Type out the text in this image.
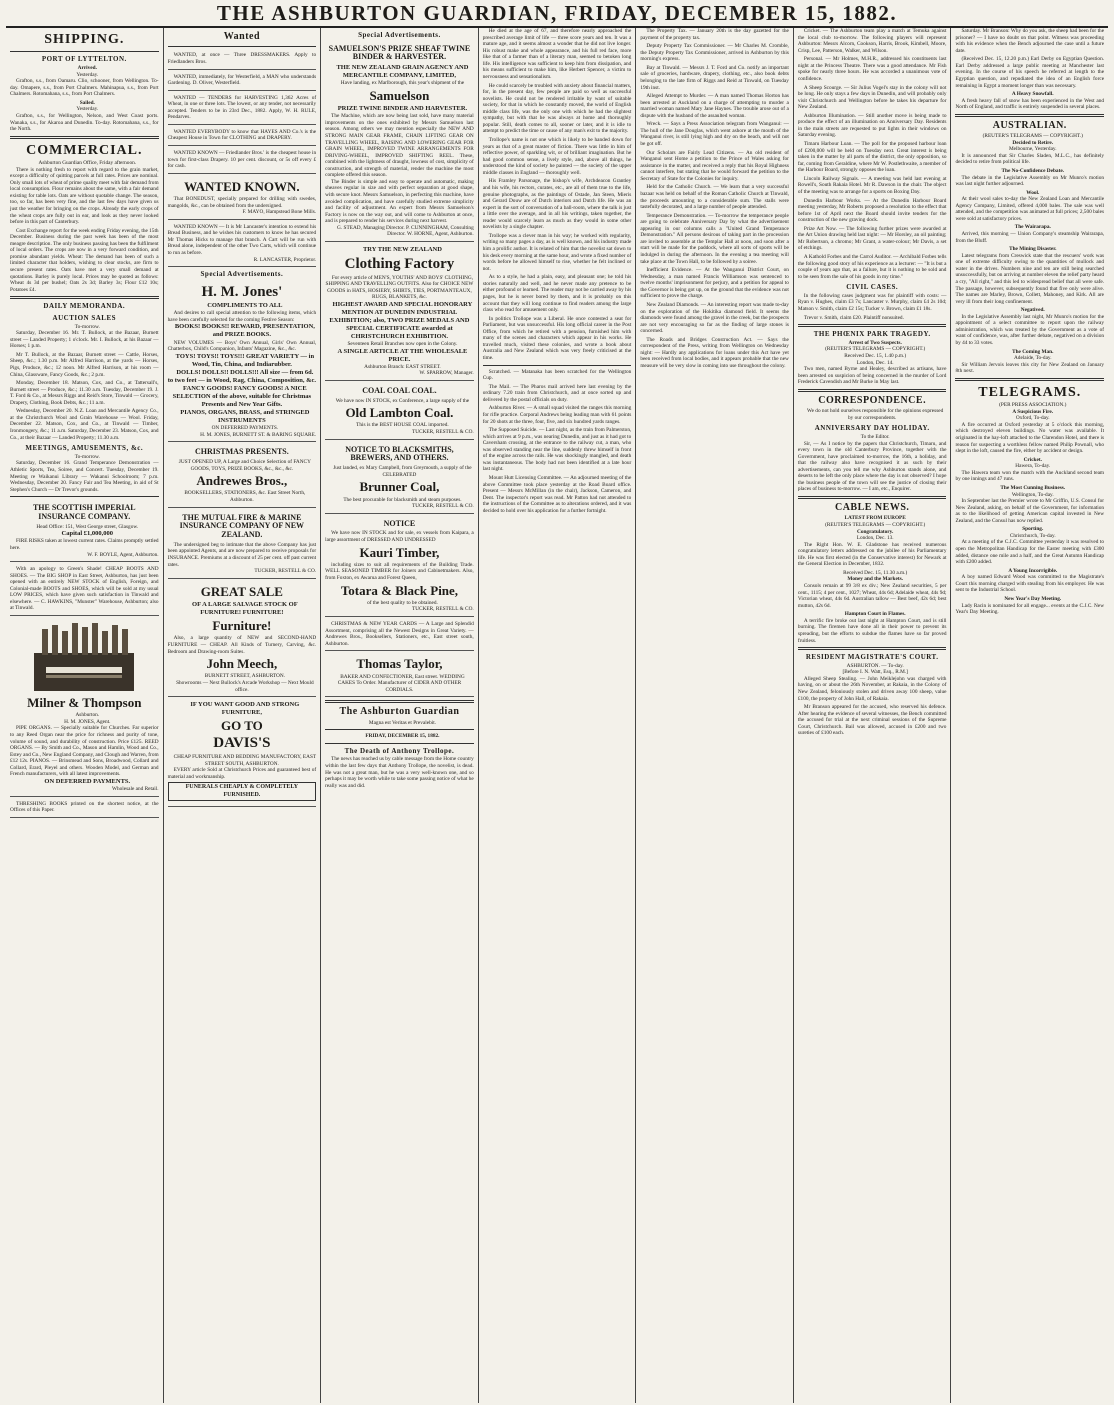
THE ASHBURTON GUARDIAN, FRIDAY, DECEMBER 15, 1882.
SHIPPING.
PORT OF LYTTELTON.

Arrived.

Yesterday.

Grafton, s.s., from Oamaru. Clio, schooner, from Wellington. To-day. Omapere, s.s., from Port Chalmers. Mahinapua, s.s., from Port Chalmers. Rotomahana, s.s., from Port Chalmers.

Sailed.

Yesterday.

Grafton, s.s., for Wellington, Nelson, and West Coast ports. Wanaka, s.s., for Akaroa and Dunedin. To-day. Rotomahana, s.s., for the North.

COMMERCIAL.

Ashburton Guardian Office, Friday afternoon.

There is nothing fresh to report with regard to the grain market, except a difficulty of quitting parcels at full rates. Prices are nominal. Only small lots of wheat of prime quality meet with fair demand from local consumption. Flour remains about the same, with a fair demand existing for table lots. Oats are without quotable change. The season, too, so far, has been very fine, and the last few days have given us just the weather for bringing on the crops. Already the early crops of the wheat crops are fully out in ear, and look as they never looked before in this part of Canterbury.

Cost Exchange report for the week ending Friday evening, the 15th December. Business during the past week has been of the most meagre description. The only business passing has been the fulfilment of local orders. The crops are now in a very forward condition, and promise abundant yields. Wheat: The demand has been of such a limited character that holders, wishing to clear stocks, are firm to secure present rates. Oats have met a very small demand at quotations. Barley is purely local. Prices may be quoted as follows: Wheat 4s 3d per bushel; Oats 2s 3d; Barley 3s; Flour £12 10s; Potatoes £4.

DAILY MEMORANDA.
AUCTION SALES

To-morrow.

Saturday, December 16. Mr. T. Bullock, at the Bazaar, Burnett street — Landed Property; 1 o'clock. Mr. I. Bullock, at his Bazaar — Horses; 1 p.m.

Mr T. Bullock, at the Bazaar, Burnett street — Cattle, Horses, Sheep, &c.; 1.30 p.m. Mr Alfred Harrison, at the yards — Horses, Pigs, Produce, &c.; 12 noon. Mr Alfred Harrison, at his room — China, Glassware, Fancy Goods, &c.; 2 p.m.

Monday, December 18. Matson, Cox, and Co., at Tattersall's, Burnett street — Produce, &c.; 11.30 a.m. Tuesday, December 19. J. T. Ford & Co., at Messrs Riggs and Reid's Store, Tinwald — Grocery, Drapery, Clothing, Book Debts, &c.; 11 a.m.

Wednesday, December 20. N.Z. Loan and Mercantile Agency Co., at the Christchurch Wool and Grain Warehouse — Wool. Friday, December 22. Matson, Cox, and Co., at Tinwald — Timber, Ironmongery, &c.; 11 a.m. Saturday, December 23. Matson, Cox, and Co., at their Bazaar — Landed Property; 11.30 a.m.

MEETINGS, AMUSEMENTS, &c.

To-morrow.

Saturday, December 16. Grand Temperance Demonstration — Athletic Sports, Tea, Soiree, and Concert. Tuesday, December 19. Meeting re Waikanui Library — Wakanui Schoolroom; 7 p.m. Wednesday, December 20. Fancy Fair and Tea Meeting, in aid of St Stephen's Church — Dr Trevor's grounds.

THE SCOTTISH IMPERIAL INSURANCE COMPANY.

Head Office: 151, West George street, Glasgow.

Capital £1,000,000

FIRE RISKS taken at lowest current rates. Claims promptly settled here.

W. F. BOYLE, Agent, Ashburton.

With an apology to Green's Shade! CHEAP BOOTS AND SHOES. — The BIG SHOP in East Street, Ashburton, has just been opened with an entirely NEW STOCK of English, Foreign, and Colonial-made BOOTS and SHOES, which will be sold at my usual LOW PRICES, which have given such satisfaction in Tinwald and elsewhere. — C. HAWKINS, "Munster" Warehouse, Ashburton; also at Tinwald.

Milner & Thompson

Ashburton.

H. M. JONES, Agent.

PIPE ORGANS. — Specially suitable for Churches. Far superior to any Reed Organ near the price for richness and purity of tone, volume of sound, and durability of construction. Price £125. REED ORGANS. — By Smith and Co., Mason and Hamlin, Wood and Co., Estey and Co., New England Company, and Clough and Warren, from £12 12s. PIANOS. — Brinsmead and Sons, Broadwood, Collard and Collard, Erard, Pleyel and others. Wooden Model, and German and French manufacturers, with all latest improvements.

ON DEFERRED PAYMENTS.

Wholesale and Retail.

THRESHING BOOKS printed on the shortest notice, at the Offices of this Paper.

Wanted

WANTED, at once — Three DRESSMAKERS. Apply to Friedlanders Bros.

WANTED, immediately, for Westerfield, a MAN who understands Gardening. D. Oliver, Westerfield.

WANTED — TENDERS for HARVESTING 1,362 Acres of Wheat, in one or three lots. The lowest, or any tender, not necessarily accepted. Tenders to be in 23rd Dec., 1882. Apply, W. H. RULE, Pendarves.

WANTED EVERYBODY to know that HAYES AND Co.'s is the Cheapest House in Town for CLOTHING and DRAPERY.

WANTED KNOWN — Friedlander Bros.' is the cheapest house in town for first-class Drapery. 10 per cent. discount, or 5s off every £ for cash.

WANTED KNOWN.

That BONEDUST, specially prepared for drilling with swedes, mangolds, &c., can be obtained from the undersigned.

F. MAYO, Hampstead Bone Mills.

WANTED KNOWN — It is Mr Lancaster's intention to extend his Bread Business, and he wishes his customers to know he has secured Mr Thomas Hicks to manage that branch. A Cart will be run with Bread alone, independent of the other Two Carts, which will continue to run as before.

R. LANCASTER, Proprietor.

Special Advertisements.
H. M. Jones'

COMPLIMENTS TO ALL

And desires to call special attention to the following items, which have been carefully selected for the coming Festive Season:

BOOKS! BOOKS!! REWARD, PRESENTATION, and PRIZE BOOKS.

NEW VOLUMES — Boys' Own Annual, Girls' Own Annual, Chatterbox, Child's Companion, Infants' Magazine, &c., &c.

TOYS! TOYS!! TOYS!!! GREAT VARIETY — in Wood, Tin, China, and Indiarubber.

DOLLS! DOLLS!! DOLLS!!! All size — from 6d. to two feet — in Wood, Rag, China, Composition, &c.

FANCY GOODS! FANCY GOODS! A NICE SELECTION of the above, suitable for Christmas Presents and New Year Gifts.

PIANOS, ORGANS, BRASS, and STRINGED INSTRUMENTS

ON DEFERRED PAYMENTS.

H. M. JONES, BURNETT ST. & BARING SQUARE.

CHRISTMAS PRESENTS.

JUST OPENED UP, A Large and Choice Selection of FANCY GOODS, TOYS, PRIZE BOOKS, &c., &c., &c.

Andrewes Bros.,

BOOKSELLERS, STATIONERS, &c. East Street North, Ashburton.

THE MUTUAL FIRE & MARINE INSURANCE COMPANY OF NEW ZEALAND.

The undersigned beg to intimate that the above Company has just been appointed Agents, and are now prepared to receive proposals for INSURANCE. Premiums at a discount of 25 per cent. off past current rates.

TUCKER, RESTELL & CO.

GREAT SALE

OF A LARGE SALVAGE STOCK OF FURNITURE! FURNITURE!

Furniture!

Also, a large quantity of NEW and SECOND-HAND FURNITURE — CHEAP. All Kinds of Turnery, Carving, &c. Bedroom and Drawing-room Suites.

John Meech,

BURNETT STREET, ASHBURTON.

Showrooms — Next Bullock's Arcade Workshop — Next Mould office.

IF YOU WANT GOOD AND STRONG FURNITURE,

GO TO
DAVIS'S

CHEAP FURNITURE AND BEDDING MANUFACTORY, EAST STREET SOUTH, ASHBURTON.

EVERY article Sold at Christchurch Prices and guaranteed best of material and workmanship.

FUNERALS CHEAPLY & COMPLETELY FURNISHED.
Special Advertisements.
SAMUELSON'S PRIZE SHEAF TWINE BINDER & HARVESTER.

THE NEW ZEALAND GRAIN AGENCY AND MERCANTILE COMPANY, LIMITED,

Have landing, ex Marlborough, this year's shipment of the

Samuelson

PRIZE TWINE BINDER AND HARVESTER.

The Machine, which are now being last sold, have many material improvements on the ones exhibited by Messrs Samuelson last season. Among others we may mention especially the NEW AND STRONG MAIN GEAR FRAME, CHAIN LIFTING GEAR ON TRAVELLING WHEEL, RAISING AND LOWERING GEAR FOR GRAIN WHEEL, IMPROVED TWINE ARRANGEMENTS FOR DRIVING-WHEEL, IMPROVED SHIFTING REEL. These, combined with the lightness of draught, lowness of cost, simplicity of construction, and strength of material, render the machine the most complete offered this season.

The Binder is simple and easy to operate and automatic, making sheaves regular in size and with perfect separation at good shape, with secure knot. Messrs Samuelson, in perfecting this machine, have avoided complication, and have carefully studied extreme simplicity and facility of adjustment. An expert from Messrs Samuelson's Factory is now on the way out, and will come to Ashburton at once, and is prepared to render his services during next harvest.

G. STEAD, Managing Director. P. CUNNINGHAM, Consulting Director. W. HORNE, Agent, Ashburton.

TRY THE NEW ZEALAND

Clothing Factory

For every article of MEN'S, YOUTHS' AND BOYS' CLOTHING, SHIPPING AND TRAVELLING OUTFITS. Also for CHOICE NEW GOODS in HATS, HOSIERY, SHIRTS, TIES, PORTMANTEAUX, RUGS, BLANKETS, &c.

HIGHEST AWARD AND SPECIAL HONORARY MENTION AT DUNEDIN INDUSTRIAL EXHIBITION; also, TWO PRIZE MEDALS AND SPECIAL CERTIFICATE awarded at CHRISTCHURCH EXHIBITION.

Seventeen Retail Branches now open in the Colony.

A SINGLE ARTICLE AT THE WHOLESALE PRICE.

Ashburton Branch: EAST STREET.

W. SPARROW, Manager.

COAL COAL COAL.

We have now IN STOCK, ex Conference, a large supply of the

Old Lambton Coal.

This is the BEST HOUSE COAL imported.

TUCKER, RESTELL & CO.

NOTICE TO BLACKSMITHS, BREWERS, AND OTHERS.

Just landed, ex Mary Campbell, from Greymouth, a supply of the CELEBRATED

Brunner Coal,

The best procurable for blacksmith and steam purposes.

TUCKER, RESTELL & CO.

NOTICE

We have now IN STOCK and for sale, ex vessels from Kaipara, a large assortment of DRESSED AND UNDRESSED

Kauri Timber,

including sizes to suit all requirements of the Building Trade. WELL SEASONED TIMBER for Joiners and Cabinetmakers. Also, from Foxton, ex Awarua and Forest Queen,

Totara & Black Pine,

of the best quality to be obtained.

TUCKER, RESTELL & CO.

CHRISTMAS & NEW YEAR CARDS — A Large and Splendid Assortment, comprising all the Newest Designs in Great Variety. — Andrewes Bros., Booksellers, Stationers, etc., East street south, Ashburton.

Thomas Taylor,

BAKER AND CONFECTIONER, East street. WEDDING CAKES To Order. Manufacturer of CIDER AND OTHER CORDIALS.

The Ashburton Guardian

Magna est Veritas et Prevalebit.

FRIDAY, DECEMBER 15, 1882.

The Death of Anthony Trollope.

The news has reached us by cable message from the Home country within the last few days that Anthony Trollope, the novelist, is dead. He was not a great man, but he was a very well-known one, and so perhaps it may be worth while to take some passing notice of what he really was and did.

He died at the age of 67, and therefore nearly approached the prescribed average limit of life — three score years and ten. It was a mature age, and it seems almost a wonder that he did not live longer. His robust make and whole appearance, and his full red face, more like that of a farmer than of a literary man, seemed to betoken long life. His intelligence was sufficient to keep him from dissipation, and his means sufficient to make him, like Herbert Spencer, a victim to nervousness and sensationalism.

He could scarcely be troubled with anxiety about financial matters, for, in the present day, few people are paid so well as successful novelists. He could not be rendered irritable by want of suitable society, for that in which he constantly moved, the world of English middle class life, was the only one with which he had the slightest sympathy, but with that he was always at home and thoroughly popular. Still, death comes to all, sooner or later, and it is idle to attempt to predict the time or cause of any man's exit to the majority.

Trollope's name is not one which is likely to be handed down for years as that of a great master of fiction. There was little in him of reflective power, of sparkling wit, or of brilliant imagination. But he had good common sense, a lively style, and, above all things, he understood the kind of society he painted — the society of the upper middle classes in England — thoroughly well.

His Framley Parsonage, the bishop's wife, Archdeacon Grantley and his wife, his rectors, curates, etc., are all of them true to the life, genuine photographs, as the paintings of Ostade, Jan Steen, Mieris and Gerard Douw are of Dutch interiors and Dutch life. He was an expert in the sort of conversation of a ball-room, where the talk is just a little over the average, and in all his writings, taken together, the reader would scarcely learn as much as they would in some other novelists by a single chapter.

Trollope was a clever man in his way; he worked with regularity, writing so many pages a day, as is well known, and his industry made him a prolific author. It is related of him that the novelist sat down to his desk every morning at the same hour, and wrote a fixed number of words before he allowed himself to rise, whether he felt inclined or not.

As to a style, he had a plain, easy, and pleasant one; he told his stories naturally and well, and he never made any pretence to be either profound or learned. The reader may not be carried away by his pages, but he is never bored by them, and it is probably on this account that they will long continue to find readers among the large class who read for amusement only.

In politics Trollope was a Liberal. He once contested a seat for Parliament, but was unsuccessful. His long official career in the Post Office, from which he retired with a pension, furnished him with many of the scenes and characters which appear in his works. He travelled much, visited these colonies, and wrote a book about Australia and New Zealand which was very freely criticised at the time.

Scratched. — Matanaka has been scratched for the Wellington Cup.

The Mail. — The Pharos mail arrived here last evening by the ordinary 7.20 train from Christchurch, and at once sorted up and delivered by the postal officials on duty.

Ashburton River. — A small squad visited the ranges this morning for rifle practice. Corporal Andrews being leading man with 61 points for 20 shots at the three, four, five, and six hundred yards ranges.

The Supposed Suicide. — Last night, as the train from Palmerston, which arrives at 9 p.m., was nearing Dunedin, and just as it had got to Caversham crossing, at the entrance to the railway cut, a man, who was observed standing near the line, suddenly threw himself in front of the engine across the rails. He was shockingly mangled, and death was instantaneous. The body had not been identified at a late hour last night.

Mount Hutt Licensing Committee. — An adjourned meeting of the above Committee took place yesterday at the Road Board office. Present — Messrs McMillan (in the chair), Jackson, Cameron, and Dent. The inspector's report was read. Mr Patton had not attended to the instructions of the Committee as to alterations ordered, and it was decided to hold over his application for a further fortnight.

The Property Tax. — January 20th is the day gazetted for the payment of the property tax.

Deputy Property Tax Commissioner. — Mr Charles M. Cromble, the Deputy Property Tax Commissioner, arrived in Ashburton by this morning's express.

Bay at Tinwald. — Messrs J. T. Ford and Co. notify an important sale of groceries, hardware, drapery, clothing, etc., also book debts belonging to the late firm of Riggs and Reid at Tinwald, on Tuesday 19th inst.

Alleged Attempt to Murder. — A man named Thomas Horton has been arrested at Auckland on a charge of attempting to murder a married woman named Mary Jane Haynes. The trouble arose out of a dispute with the husband of the assaulted woman.

Wreck. — Says a Press Association telegram from Wanganui: — The hull of the Jane Douglas, which went ashore at the mouth of the Wanganui river, is still lying high and dry on the beach, and will not be got off.

Our Scholars are Fairly Lead Citizens. — An old resident of Wanganui sent Home a petition to the Prince of Wales asking for assistance in the matter, and received a reply that his Royal Highness cannot interfere, but stating that he would forward the petition to the Secretary of State for the Colonies for inquiry.

Held for the Catholic Church. — We learn that a very successful bazaar was held on behalf of the Roman Catholic Church at Tinwald, the proceeds amounting to a considerable sum. The stalls were tastefully decorated, and a large number of people attended.

Temperance Demonstration. — To-morrow the temperance people are going to celebrate Anniversary Day by what the advertisement appearing in our columns calls a "United Grand Temperance Demonstration." All persons desirous of taking part in the procession are invited to assemble at the Templar Hall at noon, and soon after a start will be made for the paddock, where all sorts of sports will be indulged in during the afternoon. In the evening a tea meeting will take place at the Town Hall, to be followed by a soiree.

Inefficient Evidence. — At the Wanganui District Court, on Wednesday, a man named Francis Williamson was sentenced to twelve months' imprisonment for perjury, and a petition for appeal to the Governor is being got up, on the ground that the evidence was not sufficient to prove the charge.

New Zealand Diamonds. — An interesting report was made to-day on the exploration of the Hokitika diamond field. It seems the diamonds were found among the gravel in the creek, but the prospects are not very encouraging so far as the finding of large stones is concerned.

The Roads and Bridges Construction Act. — Says the correspondent of the Press, writing from Wellington on Wednesday night: — Hardly any applications for loans under this Act have yet been received from local bodies, and it appears probable that the new measure will be very slow in coming into use throughout the colony.

Cricket. — The Ashburton team play a match at Temuka against the local club to-morrow. The following players will represent Ashburton: Messrs Alcorn, Cookson, Harris, Brook, Kimbell, Moore, Crisp, Lee, Patterson, Walker, and Wilson.

Personal. — Mr Holmes, M.H.R., addressed his constituents last night at the Princess Theatre. There was a good attendance. Mr Fish spoke for nearly three hours. He was accorded a unanimous vote of confidence.

A Sheep Scourge. — Sir Julius Vogel's stay in the colony will not be long. He only stays a few days in Dunedin, and will probably only visit Christchurch and Wellington before he takes his departure for New Zealand.

Ashburton Illumination. — Still another move is being made to produce the effect of an illumination on Anniversary Day. Residents in the main streets are requested to put lights in their windows on Saturday evening.

Timaru Harbour Loan. — The poll for the proposed harbour loan of £200,000 will be held on Tuesday next. Great interest is being taken in the matter by all parts of the district, the only opposition, so far, coming from Geraldine, where Mr W. Postlethwaite, a member of the Harbour Board, strongly opposes the loan.

Lincoln Railway Signals. — A meeting was held last evening at Rowell's, South Rakaia Hotel. Mr R. Dawson in the chair. The object of the meeting was to arrange for a sports on Boxing Day.

Dunedin Harbour Works. — At the Dunedin Harbour Board meeting yesterday, Mr Roberts proposed a resolution to the effect that before 1st of April next the Board should invite tenders for the construction of the new graving dock.

Prize Art Now. — The following further prizes were awarded at the Art Union drawing held last night: — Mr Horsley, an oil painting; Mr Robertson, a chromo; Mr Grant, a water-colour; Mr Davis, a set of etchings.

A Kathold Forbes and the Carrol Auditor. — Archibald Forbes tells the following good story of his experience as a lecturer: — "It is but a couple of years ago that, as a failure, but it is nothing to be sold and to be seen from the sale of his goods in my time."

CIVIL CASES.

In the following cases judgment was for plaintiff with costs: — Ryan v. Hughes, claim £3 7s; Lancaster v. Murphy, claim £4 2s 10d; Matson v. Smith, claim £2 15s; Tucker v. Brown, claim £1 18s.

Trevor v. Smith, claim £20. Plaintiff nonsuited.

THE PHŒNIX PARK TRAGEDY.

Arrest of Two Suspects.

(REUTER'S TELEGRAMS — COPYRIGHT.)

Received Dec. 15, 1.40 p.m.)

London, Dec. 14.

Two men, named Byrne and Healey, described as artisans, have been arrested on suspicion of being concerned in the murder of Lord Frederick Cavendish and Mr Burke in May last.

CORRESPONDENCE.

We do not hold ourselves responsible for the opinions expressed by our correspondents.

ANNIVERSARY DAY HOLIDAY.

To the Editor.

Sir, — As I notice by the papers that Christchurch, Timaru, and every town in the old Canterbury Province, together with the Government, have proclaimed to-morrow, the 16th, a holiday, and that the railway also have recognised it as such by their advertisements, can you tell me why Ashburton stands alone, and deserts to be left the only place where the day is not observed? I hope the business people of the town will see the justice of closing their places of business to-morrow. — I am, etc., Enquirer.

CABLE NEWS.

LATEST FROM EUROPE

(REUTER'S TELEGRAMS — COPYRIGHT.)

Congratulatory.

London, Dec. 13.

The Right Hon. W. E. Gladstone has received numerous congratulatory letters addressed on the jubilee of his Parliamentary life. He was first elected (in the Conservative interest) for Newark at the General Election in December, 1832.

Received Dec. 15, 11.30 a.m.)

Money and the Markets.

Consols remain at 99 3/8 ex div.; New Zealand securities, 5 per cent., 1115; 4 per cent., 1027; Wheat, 44s 6d; Adelaide wheat, 44s 9d; Victorian wheat, 44s 6d. Australian tallow — Best beef, 42s 6d; best mutton, 42s 6d.

Hampton Court in Flames.

A terrific fire broke out last night at Hampton Court, and is still burning. The firemen have done all in their power to prevent its spreading, but the efforts to subdue the flames have so far proved fruitless.

RESIDENT MAGISTRATE'S COURT.

ASHBURTON. — To-day.

[Before I. N. Watt, Esq., R.M.]

Alleged Sheep Stealing. — John Meiklejohn was charged with having, on or about the 26th November, at Rakaia, in the Colony of New Zealand, feloniously stolen and driven away 100 sheep, value £100, the property of John Hall, of Rakaia.

Mr Branson appeared for the accused, who reserved his defence. After hearing the evidence of several witnesses, the Bench committed the accused for trial at the next criminal sessions of the Supreme Court, Christchurch. Bail was allowed, accused in £200 and two sureties of £100 each.

Saturday. Mr Branson: Why do you ask, the sheep had been for the prisoner? — I have no doubt on that point. Witness was proceeding with his evidence when the Bench adjourned the case until a future date.

(Received Dec. 15, 12.20 p.m.) Earl Derby on Egyptian Question. Earl Derby addressed a large public meeting at Manchester last evening. In the course of his speech he referred at length to the Egyptian question, and repudiated the idea of an English force remaining in Egypt a moment longer than was necessary.

A Heavy Snowfall.

A fresh heavy fall of snow has been experienced in the West and North of England, and traffic is entirely suspended in several places.

AUSTRALIAN.

(REUTER'S TELEGRAMS — COPYRIGHT.)

Decided to Retire.

Melbourne, Yesterday.

It is announced that Sir Charles Sladen, M.L.C., has definitely decided to retire from political life.

The No-Confidence Debate.

The debate in the Legislative Assembly on Mr Munro's motion was last night further adjourned.

Wool.

At their wool sales to-day the New Zealand Loan and Mercantile Agency Company, Limited, offered 4,000 bales. The sale was well attended, and the competition was animated at full prices; 2,500 bales were sold at satisfactory prices.

The Wairarapa.

Arrived, this morning — Union Company's steamship Wairarapa, from the Bluff.

The Mining Disaster.

Latest telegrams from Creswick state that the rescuers' work was one of extreme difficulty owing to the quantities of mullock and water in the drives. Numbers nine and ten are still being searched unsuccessfully, but on arriving at number eleven the relief party heard a cry, "All right," and this led to widespread belief that all were safe. The passage, however, subsequently found that five only were alive. The names are Marley, Brown, Collett, Mahoney, and Kirk. All are very ill from their long confinement.

Negatived.

In the Legislative Assembly last night, Mr Munro's motion for the appointment of a select committee to report upon the railway administration, which was treated by the Government as a vote of want of confidence, was, after further debate, negatived on a division by 44 to 33 votes.

The Coming Man.

Adelaide, To-day.

Sir William Jervois leaves this city for New Zealand on January 8th next.

TELEGRAMS.

(PER PRESS ASSOCIATION.)

A Suspicious Fire.

Oxford, To-day.

A fire occurred at Oxford yesterday at 5 o'clock this morning, which destroyed eleven buildings. No water was available. It originated in the hay-loft attached to the Clarendon Hotel, and there is reason for suspecting a worthless fellow named Philip Pownall, who slept in the loft, caused the fire, either by accident or design.

Cricket.

Hawera, To-day.

The Hawera team won the match with the Auckland second team by one innings and 47 runs.

The Most Cunning Business.

Wellington, To-day.

In September last the Premier wrote to Mr Griffin, U.S. Consul for New Zealand, asking, on behalf of the Government, for information as to the likelihood of getting American capital invested in New Zealand, and the Consul has now replied.

Sporting.

Christchurch, To-day.

At a meeting of the C.J.C. Committee yesterday it was resolved to open the Metropolitan Handicap for the Easter meeting with £300 added, distance one mile and a half, and the Great Autumn Handicap with £200 added.

A Young Incorrigible.

A boy named Edward Wood was committed to the Magistrate's Court this morning charged with stealing from his employer. He was sent to the Industrial School.

New Year's Day Meeting.

Lady Racin is nominated for all engage... events at the C.J.C. New Year's Day Meeting.
